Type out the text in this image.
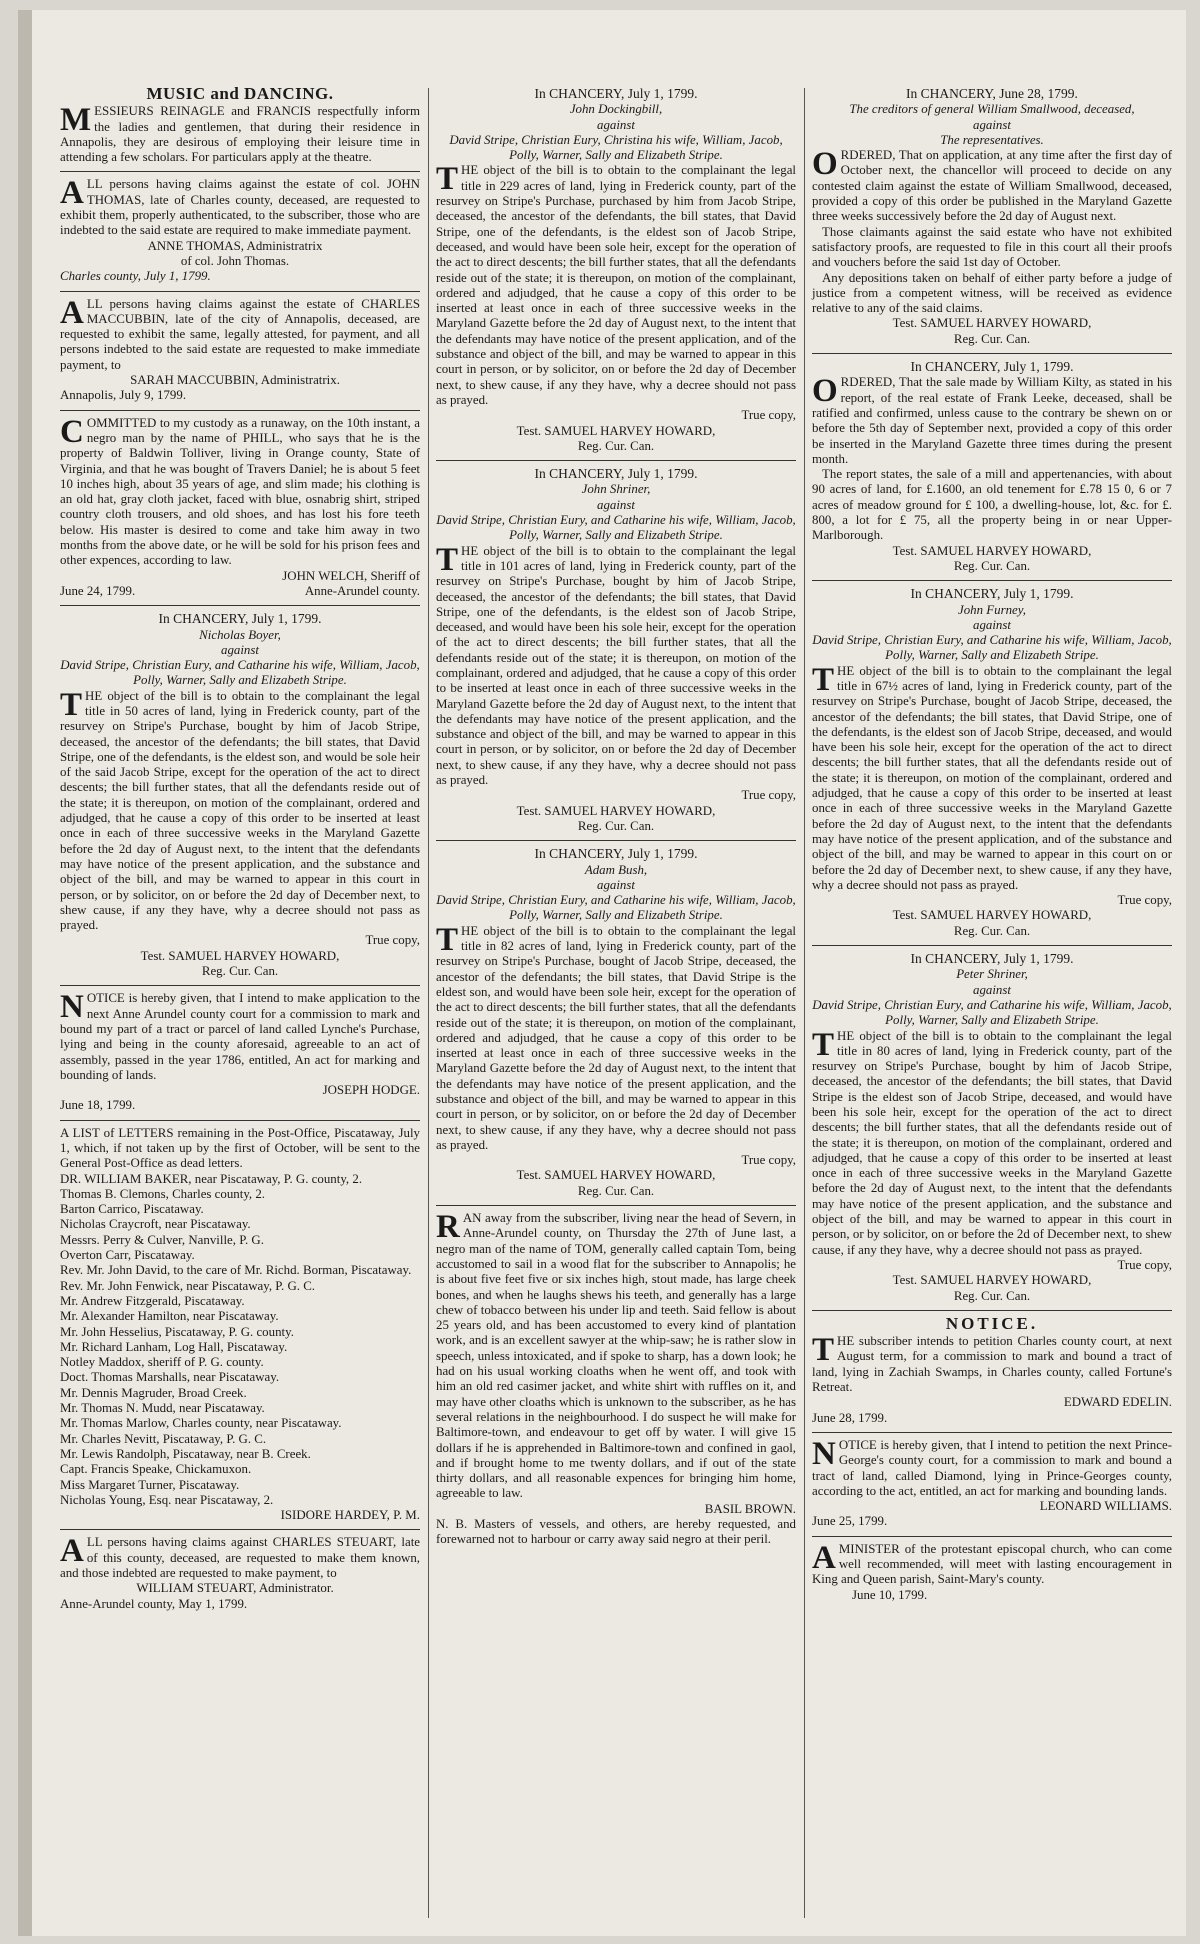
MUSIC and DANCING.

MESSIEURS REINAGLE and FRANCIS respectfully inform the ladies and gentlemen, that during their residence in Annapolis, they are desirous of employing their leisure time in attending a few scholars. For particulars apply at the theatre.

ALL persons having claims against the estate of col. JOHN THOMAS, late of Charles county, deceased, are requested to exhibit them, properly authenticated, to the subscriber, those who are indebted to the said estate are required to make immediate payment.

ANNE THOMAS, Administratrix
of col. John Thomas.
Charles county, July 1, 1799.

ALL persons having claims against the estate of CHARLES MACCUBBIN, late of the city of Annapolis, deceased, are requested to exhibit the same, legally attested, for payment, and all persons indebted to the said estate are requested to make immediate payment, to

SARAH MACCUBBIN, Administratrix.
Annapolis, July 9, 1799.

COMMITTED to my custody as a runaway, on the 10th instant, a negro man by the name of PHILL, who says that he is the property of Baldwin Tolliver, living in Orange county, State of Virginia, and that he was bought of Travers Daniel; he is about 5 feet 10 inches high, about 35 years of age, and slim made; his clothing is an old hat, gray cloth jacket, faced with blue, osnabrig shirt, striped country cloth trousers, and old shoes, and has lost his fore teeth below. His master is desired to come and take him away in two months from the above date, or he will be sold for his prison fees and other expences, according to law.

JOHN WELCH, Sheriff of
June 24, 1799.	Anne-Arundel county.
In CHANCERY, July 1, 1799.
Nicholas Boyer,
against
David Stripe, Christian Eury, and Catharine his wife, William, Jacob, Polly, Warner, Sally and Elizabeth Stripe.

THE object of the bill is to obtain to the complainant the legal title in 50 acres of land, lying in Frederick county, part of the resurvey on Stripe's Purchase, bought by him of Jacob Stripe, deceased, the ancestor of the defendants; the bill states, that David Stripe, one of the defendants, is the eldest son, and would be sole heir of the said Jacob Stripe, except for the operation of the act to direct descents; the bill further states, that all the defendants reside out of the state; it is thereupon, on motion of the complainant, ordered and adjudged, that he cause a copy of this order to be inserted at least once in each of three successive weeks in the Maryland Gazette before the 2d day of August next, to the intent that the defendants may have notice of the present application, and the substance and object of the bill, and may be warned to appear in this court in person, or by solicitor, on or before the 2d day of December next, to shew cause, if any they have, why a decree should not pass as prayed.

True copy,
Test. SAMUEL HARVEY HOWARD,
Reg. Cur. Can.

NOTICE is hereby given, that I intend to make application to the next Anne Arundel county court for a commission to mark and bound my part of a tract or parcel of land called Lynche's Purchase, lying and being in the county aforesaid, agreeable to an act of assembly, passed in the year 1786, entitled, An act for marking and bounding of lands.

JOSEPH HODGE.
June 18, 1799.

A LIST of LETTERS remaining in the Post-Office, Piscataway, July 1, which, if not taken up by the first of October, will be sent to the General Post-Office as dead letters.

DR. WILLIAM BAKER, near Piscataway, P. G. county, 2.
Thomas B. Clemons, Charles county, 2.
Barton Carrico, Piscataway.
Nicholas Craycroft, near Piscataway.
Messrs. Perry & Culver, Nanville, P. G.
Overton Carr, Piscataway.
Rev. Mr. John David, to the care of Mr. Richd. Borman, Piscataway.
Rev. Mr. John Fenwick, near Piscataway, P. G. C.
Mr. Andrew Fitzgerald, Piscataway.
Mr. Alexander Hamilton, near Piscataway.
Mr. John Hesselius, Piscataway, P. G. county.
Mr. Richard Lanham, Log Hall, Piscataway.
Notley Maddox, sheriff of P. G. county.
Doct. Thomas Marshalls, near Piscataway.
Mr. Dennis Magruder, Broad Creek.
Mr. Thomas N. Mudd, near Piscataway.
Mr. Thomas Marlow, Charles county, near Piscataway.
Mr. Charles Nevitt, Piscataway, P. G. C.
Mr. Lewis Randolph, Piscataway, near B. Creek.
Capt. Francis Speake, Chickamuxon.
Miss Margaret Turner, Piscataway.
Nicholas Young, Esq. near Piscataway, 2.
ISIDORE HARDEY, P. M.

ALL persons having claims against CHARLES STEUART, late of this county, deceased, are requested to make them known, and those indebted are requested to make payment, to

WILLIAM STEUART, Administrator.
Anne-Arundel county, May 1, 1799.
In CHANCERY, July 1, 1799.
John Dockingbill,
against
David Stripe, Christian Eury, Christina his wife, William, Jacob, Polly, Warner, Sally and Elizabeth Stripe.

THE object of the bill is to obtain to the complainant the legal title in 229 acres of land, lying in Frederick county, part of the resurvey on Stripe's Purchase, purchased by him from Jacob Stripe, deceased, the ancestor of the defendants, the bill states, that David Stripe, one of the defendants, is the eldest son of Jacob Stripe, deceased, and would have been sole heir, except for the operation of the act to direct descents; the bill further states, that all the defendants reside out of the state; it is thereupon, on motion of the complainant, ordered and adjudged, that he cause a copy of this order to be inserted at least once in each of three successive weeks in the Maryland Gazette before the 2d day of August next, to the intent that the defendants may have notice of the present application, and of the substance and object of the bill, and may be warned to appear in this court in person, or by solicitor, on or before the 2d day of December next, to shew cause, if any they have, why a decree should not pass as prayed.

True copy,
Test. SAMUEL HARVEY HOWARD,
Reg. Cur. Can.
In CHANCERY, July 1, 1799.
John Shriner,
against
David Stripe, Christian Eury, and Catharine his wife, William, Jacob, Polly, Warner, Sally and Elizabeth Stripe.

THE object of the bill is to obtain to the complainant the legal title in 101 acres of land, lying in Frederick county, part of the resurvey on Stripe's Purchase, bought by him of Jacob Stripe, deceased, the ancestor of the defendants; the bill states, that David Stripe, one of the defendants, is the eldest son of Jacob Stripe, deceased, and would have been his sole heir, except for the operation of the act to direct descents; the bill further states, that all the defendants reside out of the state; it is thereupon, on motion of the complainant, ordered and adjudged, that he cause a copy of this order to be inserted at least once in each of three successive weeks in the Maryland Gazette before the 2d day of August next, to the intent that the defendants may have notice of the present application, and the substance and object of the bill, and may be warned to appear in this court in person, or by solicitor, on or before the 2d day of December next, to shew cause, if any they have, why a decree should not pass as prayed.

True copy,
Test. SAMUEL HARVEY HOWARD,
Reg. Cur. Can.
In CHANCERY, July 1, 1799.
Adam Bush,
against
David Stripe, Christian Eury, and Catharine his wife, William, Jacob, Polly, Warner, Sally and Elizabeth Stripe.

THE object of the bill is to obtain to the complainant the legal title in 82 acres of land, lying in Frederick county, part of the resurvey on Stripe's Purchase, bought of Jacob Stripe, deceased, the ancestor of the defendants; the bill states, that David Stripe is the eldest son, and would have been sole heir, except for the operation of the act to direct descents; the bill further states, that all the defendants reside out of the state; it is thereupon, on motion of the complainant, ordered and adjudged, that he cause a copy of this order to be inserted at least once in each of three successive weeks in the Maryland Gazette before the 2d day of August next, to the intent that the defendants may have notice of the present application, and the substance and object of the bill, and may be warned to appear in this court in person, or by solicitor, on or before the 2d day of December next, to shew cause, if any they have, why a decree should not pass as prayed.

True copy,
Test. SAMUEL HARVEY HOWARD,
Reg. Cur. Can.

RAN away from the subscriber, living near the head of Severn, in Anne-Arundel county, on Thursday the 27th of June last, a negro man of the name of TOM, generally called captain Tom, being accustomed to sail in a wood flat for the subscriber to Annapolis; he is about five feet five or six inches high, stout made, has large cheek bones, and when he laughs shews his teeth, and generally has a large chew of tobacco between his under lip and teeth. Said fellow is about 25 years old, and has been accustomed to every kind of plantation work, and is an excellent sawyer at the whip-saw; he is rather slow in speech, unless intoxicated, and if spoke to sharp, has a down look; he had on his usual working cloaths when he went off, and took with him an old red casimer jacket, and white shirt with ruffles on it, and may have other cloaths which is unknown to the subscriber, as he has several relations in the neighbourhood. I do suspect he will make for Baltimore-town, and endeavour to get off by water. I will give 15 dollars if he is apprehended in Baltimore-town and confined in gaol, and if brought home to me twenty dollars, and if out of the state thirty dollars, and all reasonable expences for bringing him home, agreeable to law.

BASIL BROWN.

N. B. Masters of vessels, and others, are hereby requested, and forewarned not to harbour or carry away said negro at their peril.

In CHANCERY, June 28, 1799.
The creditors of general William Smallwood, deceased,
against
The representatives.

ORDERED, That on application, at any time after the first day of October next, the chancellor will proceed to decide on any contested claim against the estate of William Smallwood, deceased, provided a copy of this order be published in the Maryland Gazette three weeks successively before the 2d day of August next.

Those claimants against the said estate who have not exhibited satisfactory proofs, are requested to file in this court all their proofs and vouchers before the said 1st day of October.

Any depositions taken on behalf of either party before a judge of justice from a competent witness, will be received as evidence relative to any of the said claims.

Test. SAMUEL HARVEY HOWARD,
Reg. Cur. Can.
In CHANCERY, July 1, 1799.

ORDERED, That the sale made by William Kilty, as stated in his report, of the real estate of Frank Leeke, deceased, shall be ratified and confirmed, unless cause to the contrary be shewn on or before the 5th day of September next, provided a copy of this order be inserted in the Maryland Gazette three times during the present month.

The report states, the sale of a mill and appertenancies, with about 90 acres of land, for £.1600, an old tenement for £.78 15 0, 6 or 7 acres of meadow ground for £ 100, a dwelling-house, lot, &c. for £. 800, a lot for £ 75, all the property being in or near Upper-Marlborough.

Test. SAMUEL HARVEY HOWARD,
Reg. Cur. Can.
In CHANCERY, July 1, 1799.
John Furney,
against
David Stripe, Christian Eury, and Catharine his wife, William, Jacob, Polly, Warner, Sally and Elizabeth Stripe.

THE object of the bill is to obtain to the complainant the legal title in 67½ acres of land, lying in Frederick county, part of the resurvey on Stripe's Purchase, bought of Jacob Stripe, deceased, the ancestor of the defendants; the bill states, that David Stripe, one of the defendants, is the eldest son of Jacob Stripe, deceased, and would have been his sole heir, except for the operation of the act to direct descents; the bill further states, that all the defendants reside out of the state; it is thereupon, on motion of the complainant, ordered and adjudged, that he cause a copy of this order to be inserted at least once in each of three successive weeks in the Maryland Gazette before the 2d day of August next, to the intent that the defendants may have notice of the present application, and of the substance and object of the bill, and may be warned to appear in this court on or before the 2d day of December next, to shew cause, if any they have, why a decree should not pass as prayed.

True copy,
Test. SAMUEL HARVEY HOWARD,
Reg. Cur. Can.
In CHANCERY, July 1, 1799.
Peter Shriner,
against
David Stripe, Christian Eury, and Catharine his wife, William, Jacob, Polly, Warner, Sally and Elizabeth Stripe.

THE object of the bill is to obtain to the complainant the legal title in 80 acres of land, lying in Frederick county, part of the resurvey on Stripe's Purchase, bought by him of Jacob Stripe, deceased, the ancestor of the defendants; the bill states, that David Stripe is the eldest son of Jacob Stripe, deceased, and would have been his sole heir, except for the operation of the act to direct descents; the bill further states, that all the defendants reside out of the state; it is thereupon, on motion of the complainant, ordered and adjudged, that he cause a copy of this order to be inserted at least once in each of three successive weeks in the Maryland Gazette before the 2d day of August next, to the intent that the defendants may have notice of the present application, and the substance and object of the bill, and may be warned to appear in this court in person, or by solicitor, on or before the 2d of December next, to shew cause, if any they have, why a decree should not pass as prayed.

True copy,
Test. SAMUEL HARVEY HOWARD,
Reg. Cur. Can.
NOTICE.

THE subscriber intends to petition Charles county court, at next August term, for a commission to mark and bound a tract of land, lying in Zachiah Swamps, in Charles county, called Fortune's Retreat.

EDWARD EDELIN.
June 28, 1799.

NOTICE is hereby given, that I intend to petition the next Prince-George's county court, for a commission to mark and bound a tract of land, called Diamond, lying in Prince-Georges county, according to the act, entitled, an act for marking and bounding lands.

LEONARD WILLIAMS.
June 25, 1799.

AMINISTER of the protestant episcopal church, who can come well recommended, will meet with lasting encouragement in King and Queen parish, Saint-Mary's county.

June 10, 1799.
